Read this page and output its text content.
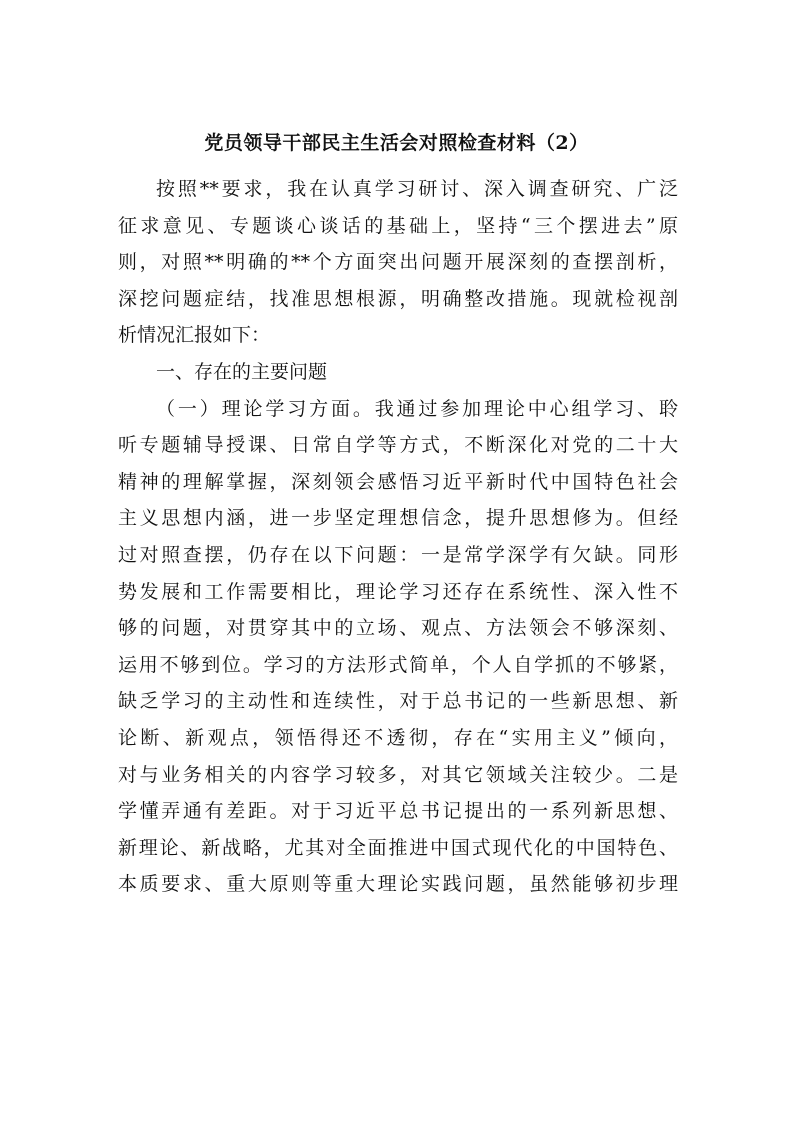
党员领导干部民主生活会对照检查材料（2）
按照**要求，我在认真学习研讨、深入调查研究、广泛
征求意见、专题谈心谈话的基础上，坚持“三个摆进去”原
则，对照**明确的**个方面突出问题开展深刻的查摆剖析，
深挖问题症结，找准思想根源，明确整改措施。现就检视剖
析情况汇报如下：
一、存在的主要问题
（一）理论学习方面。我通过参加理论中心组学习、聆
听专题辅导授课、日常自学等方式，不断深化对党的二十大
精神的理解掌握，深刻领会感悟习近平新时代中国特色社会
主义思想内涵，进一步坚定理想信念，提升思想修为。但经
过对照查摆，仍存在以下问题：一是常学深学有欠缺。同形
势发展和工作需要相比，理论学习还存在系统性、深入性不
够的问题，对贯穿其中的立场、观点、方法领会不够深刻、
运用不够到位。学习的方法形式简单，个人自学抓的不够紧，
缺乏学习的主动性和连续性，对于总书记的一些新思想、新
论断、新观点，领悟得还不透彻，存在“实用主义”倾向，
对与业务相关的内容学习较多，对其它领域关注较少。二是
学懂弄通有差距。对于习近平总书记提出的一系列新思想、
新理论、新战略，尤其对全面推进中国式现代化的中国特色、
本质要求、重大原则等重大理论实践问题，虽然能够初步理
